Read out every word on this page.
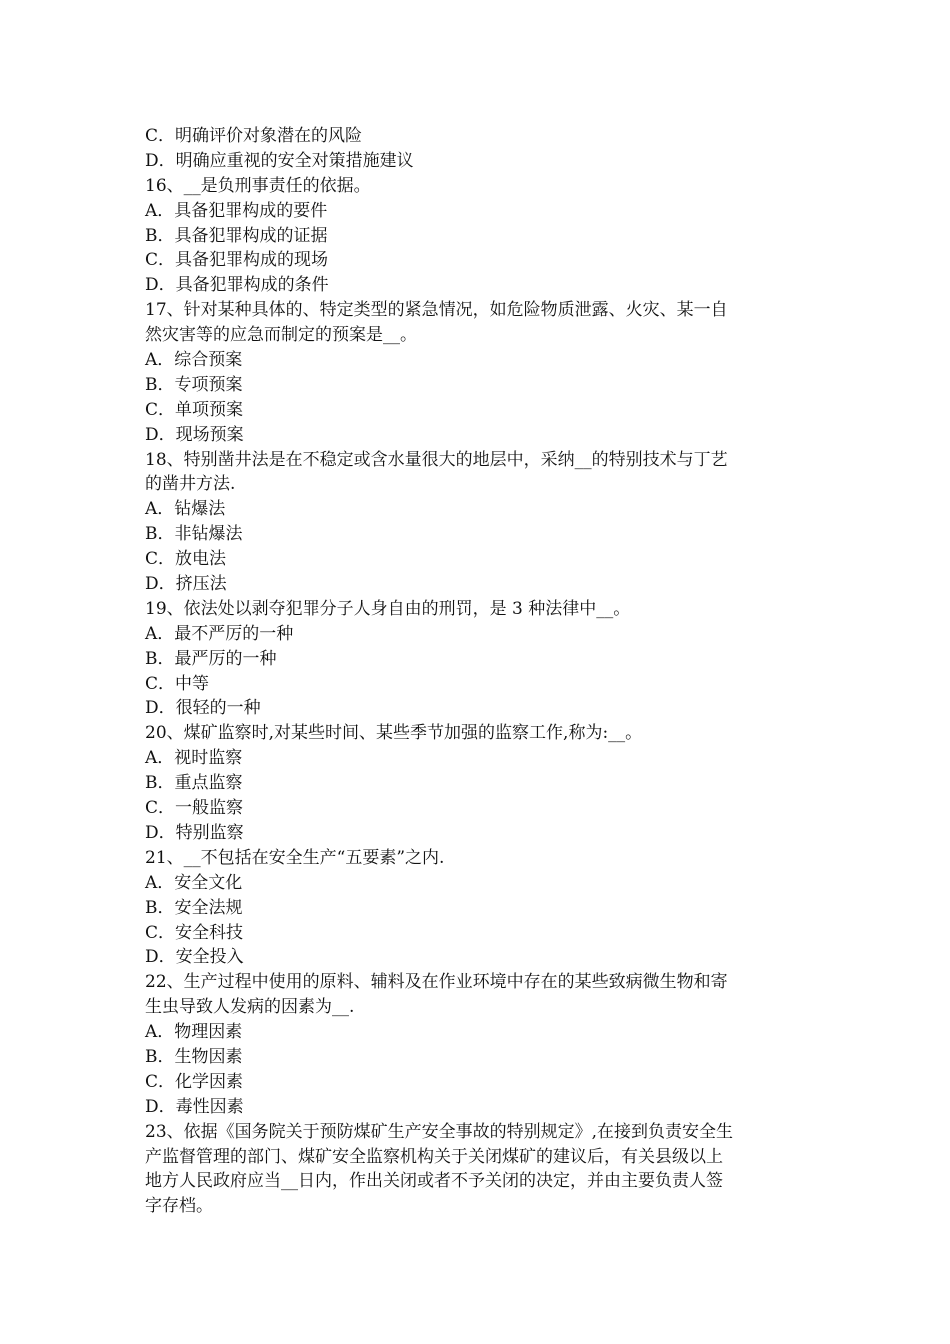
C．明确评价对象潜在的风险

D．明确应重视的安全对策措施建议

16、__是负刑事责任的依据。

A．具备犯罪构成的要件

B．具备犯罪构成的证据

C．具备犯罪构成的现场

D．具备犯罪构成的条件

17、针对某种具体的、特定类型的紧急情况，如危险物质泄露、火灾、某一自

然灾害等的应急而制定的预案是__。

A．综合预案

B．专项预案

C．单项预案

D．现场预案

18、特别凿井法是在不稳定或含水量很大的地层中，采纳__的特别技术与丁艺

的凿井方法.

A．钻爆法

B．非钻爆法

C．放电法

D．挤压法

19、依法处以剥夺犯罪分子人身自由的刑罚，是 3 种法律中__。

A．最不严厉的一种

B．最严厉的一种

C．中等

D．很轻的一种

20、煤矿监察时,对某些时间、某些季节加强的监察工作,称为:__。

A．视时监察

B．重点监察

C．一般监察

D．特别监察

21、__不包括在安全生产“五要素”之内.

A．安全文化

B．安全法规

C．安全科技

D．安全投入

22、生产过程中使用的原料、辅料及在作业环境中存在的某些致病微生物和寄

生虫导致人发病的因素为__.

A．物理因素

B．生物因素

C．化学因素

D．毒性因素

23、依据《国务院关于预防煤矿生产安全事故的特别规定》,在接到负责安全生

产监督管理的部门、煤矿安全监察机构关于关闭煤矿的建议后，有关县级以上

地方人民政府应当__日内，作出关闭或者不予关闭的决定，并由主要负责人签

字存档。
